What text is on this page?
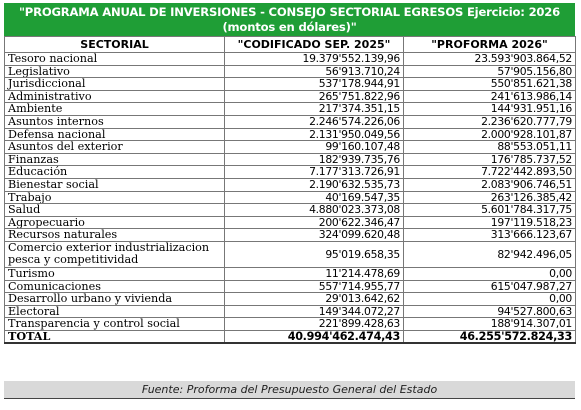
"PROGRAMA ANUAL DE INVERSIONES - CONSEJO SECTORIAL EGRESOS Ejercicio: 2026
(montos en dólares)"
SECTORIAL	"CODIFICADO SEP. 2025"	"PROFORMA 2026"
Tesoro nacional	19.379'552.139,96	23.593'903.864,52
Legislativo	56'913.710,24	57'905.156,80
Jurisdiccional	537'178.944,91	550'851.621,38
Administrativo	265'751.822,96	241'613.986,14
Ambiente	217'374.351,15	144'931.951,16
Asuntos internos	2.246'574.226,06	2.236'620.777,79
Defensa nacional	2.131'950.049,56	2.000'928.101,87
Asuntos del exterior	99'160.107,48	88'553.051,11
Finanzas	182'939.735,76	176'785.737,52
Educación	7.177'313.726,91	7.722'442.893,50
Bienestar social	2.190'632.535,73	2.083'906.746,51
Trabajo	40'169.547,35	263'126.385,42
Salud	4.880'023.373,08	5.601'784.317,75
Agropecuario	200'622.346,47	197'119.518,23
Recursos naturales	324'099.620,48	313'666.123,67
Comercio exterior industrializacion pesca y competitividad	95'019.658,35	82'942.496,05
Turismo	11'214.478,69	0,00
Comunicaciones	557'714.955,77	615'047.987,27
Desarrollo urbano y vivienda	29'013.642,62	0,00
Electoral	149'344.072,27	94'527.800,63
Transparencia y control social	221'899.428,63	188'914.307,01
TOTAL	40.994'462.474,43	46.255'572.824,33
Fuente: Proforma del Presupuesto General del Estado
